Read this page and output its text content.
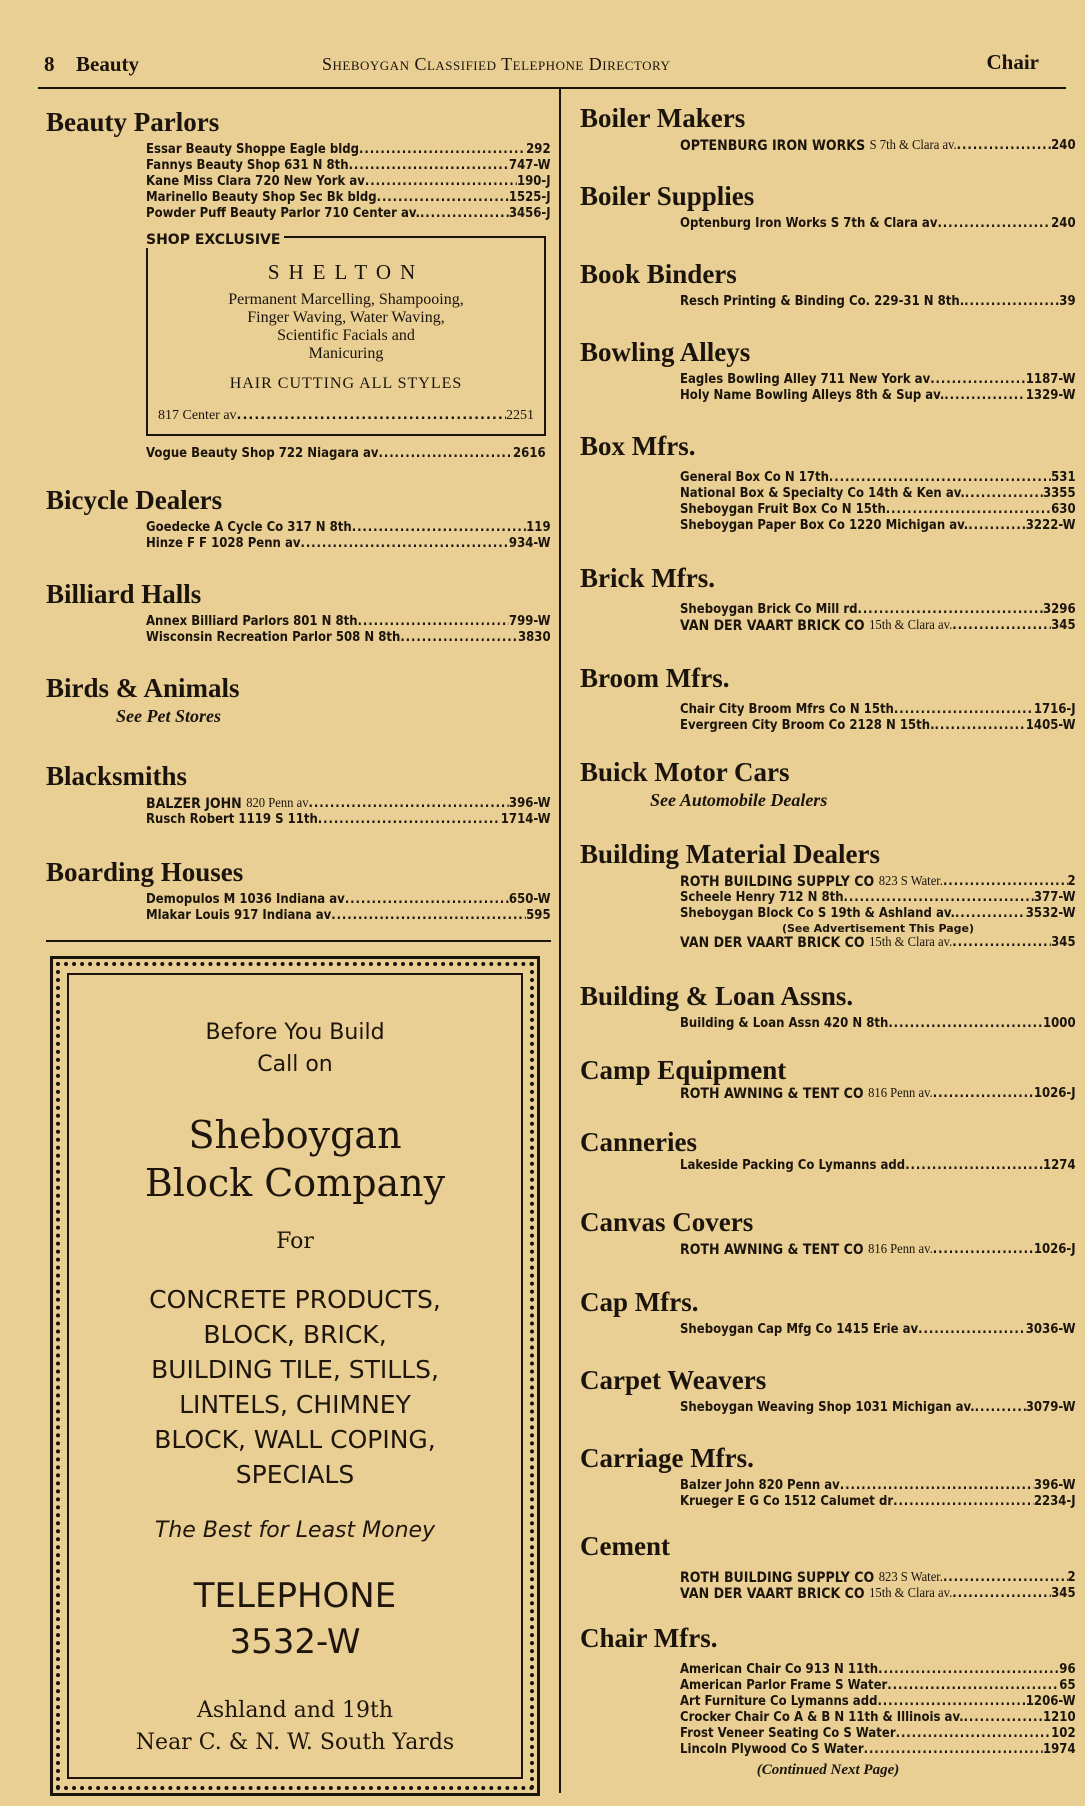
8 Beauty	Sheboygan Classified Telephone Directory	Chair
Beauty Parlors
Essar Beauty Shoppe Eagle bldg .....	292
Fannys Beauty Shop 631 N 8th .....	747-W
Kane Miss Clara 720 New York av .....	190-J
Marinello Beauty Shop Sec Bk bldg .....	1525-J
Powder Puff Beauty Parlor 710 Center av. .....	3456-J
SHELTON
Permanent Marcelling, Shampooing,
Finger Waving, Water Waving,
Scientific Facials and
Manicuring
HAIR CUTTING ALL STYLES
817 Center av .....	2251
SHOP EXCLUSIVE
Vogue Beauty Shop 722 Niagara av .....	2616
Bicycle Dealers
Goedecke A Cycle Co 317 N 8th .....	119
Hinze F F 1028 Penn av .....	934-W
Billiard Halls
Annex Billiard Parlors 801 N 8th .....	799-W
Wisconsin Recreation Parlor 508 N 8th .....	3830
Birds & Animals
See Pet Stores
Blacksmiths
BALZER JOHN 820 Penn av .....	396-W
Rusch Robert 1119 S 11th .....	1714-W
Boarding Houses
Demopulos M 1036 Indiana av .....	650-W
Mlakar Louis 917 Indiana av .....	595
Before You Build
Call on
Sheboygan
Block Company
For
CONCRETE PRODUCTS,
BLOCK, BRICK,
BUILDING TILE, STILLS,
LINTELS, CHIMNEY
BLOCK, WALL COPING,
SPECIALS
The Best for Least Money
TELEPHONE
3532-W
Ashland and 19th
Near C. & N. W. South Yards
Boiler Makers
OPTENBURG IRON WORKS S 7th & Clara av. .....	240
Boiler Supplies
Optenburg Iron Works S 7th & Clara av .....	240
Book Binders
Resch Printing & Binding Co. 229-31 N 8th. .....	39
Bowling Alleys
Eagles Bowling Alley 711 New York av .....	1187-W
Holy Name Bowling Alleys 8th & Sup av. .....	1329-W
Box Mfrs.
General Box Co N 17th .....	531
National Box & Specialty Co 14th & Ken av. .....	3355
Sheboygan Fruit Box Co N 15th .....	630
Sheboygan Paper Box Co 1220 Michigan av. .....	3222-W
Brick Mfrs.
Sheboygan Brick Co Mill rd .....	3296
VAN DER VAART BRICK CO 15th & Clara av. .....	345
Broom Mfrs.
Chair City Broom Mfrs Co N 15th .....	1716-J
Evergreen City Broom Co 2128 N 15th. .....	1405-W
Buick Motor Cars
See Automobile Dealers
Building Material Dealers
ROTH BUILDING SUPPLY CO 823 S Water. .....	2
Scheele Henry 712 N 8th .....	377-W
Sheboygan Block Co S 19th & Ashland av. .....	3532-W

(See Advertisement This Page)

VAN DER VAART BRICK CO 15th & Clara av. .....	345
Building & Loan Assns.
Building & Loan Assn 420 N 8th .....	1000
Camp Equipment
ROTH AWNING & TENT CO 816 Penn av. .....	1026-J
Canneries
Lakeside Packing Co Lymanns add .....	1274
Canvas Covers
ROTH AWNING & TENT CO 816 Penn av. .....	1026-J
Cap Mfrs.
Sheboygan Cap Mfg Co 1415 Erie av .....	3036-W
Carpet Weavers
Sheboygan Weaving Shop 1031 Michigan av. .....	3079-W
Carriage Mfrs.
Balzer John 820 Penn av .....	396-W
Krueger E G Co 1512 Calumet dr .....	2234-J
Cement
ROTH BUILDING SUPPLY CO 823 S Water. .....	2
VAN DER VAART BRICK CO 15th & Clara av. .....	345
Chair Mfrs.
American Chair Co 913 N 11th .....	96
American Parlor Frame S Water .....	65
Art Furniture Co Lymanns add .....	1206-W
Crocker Chair Co A & B N 11th & Illinois av. .....	1210
Frost Veneer Seating Co S Water .....	102
Lincoln Plywood Co S Water .....	1974
(Continued Next Page)
